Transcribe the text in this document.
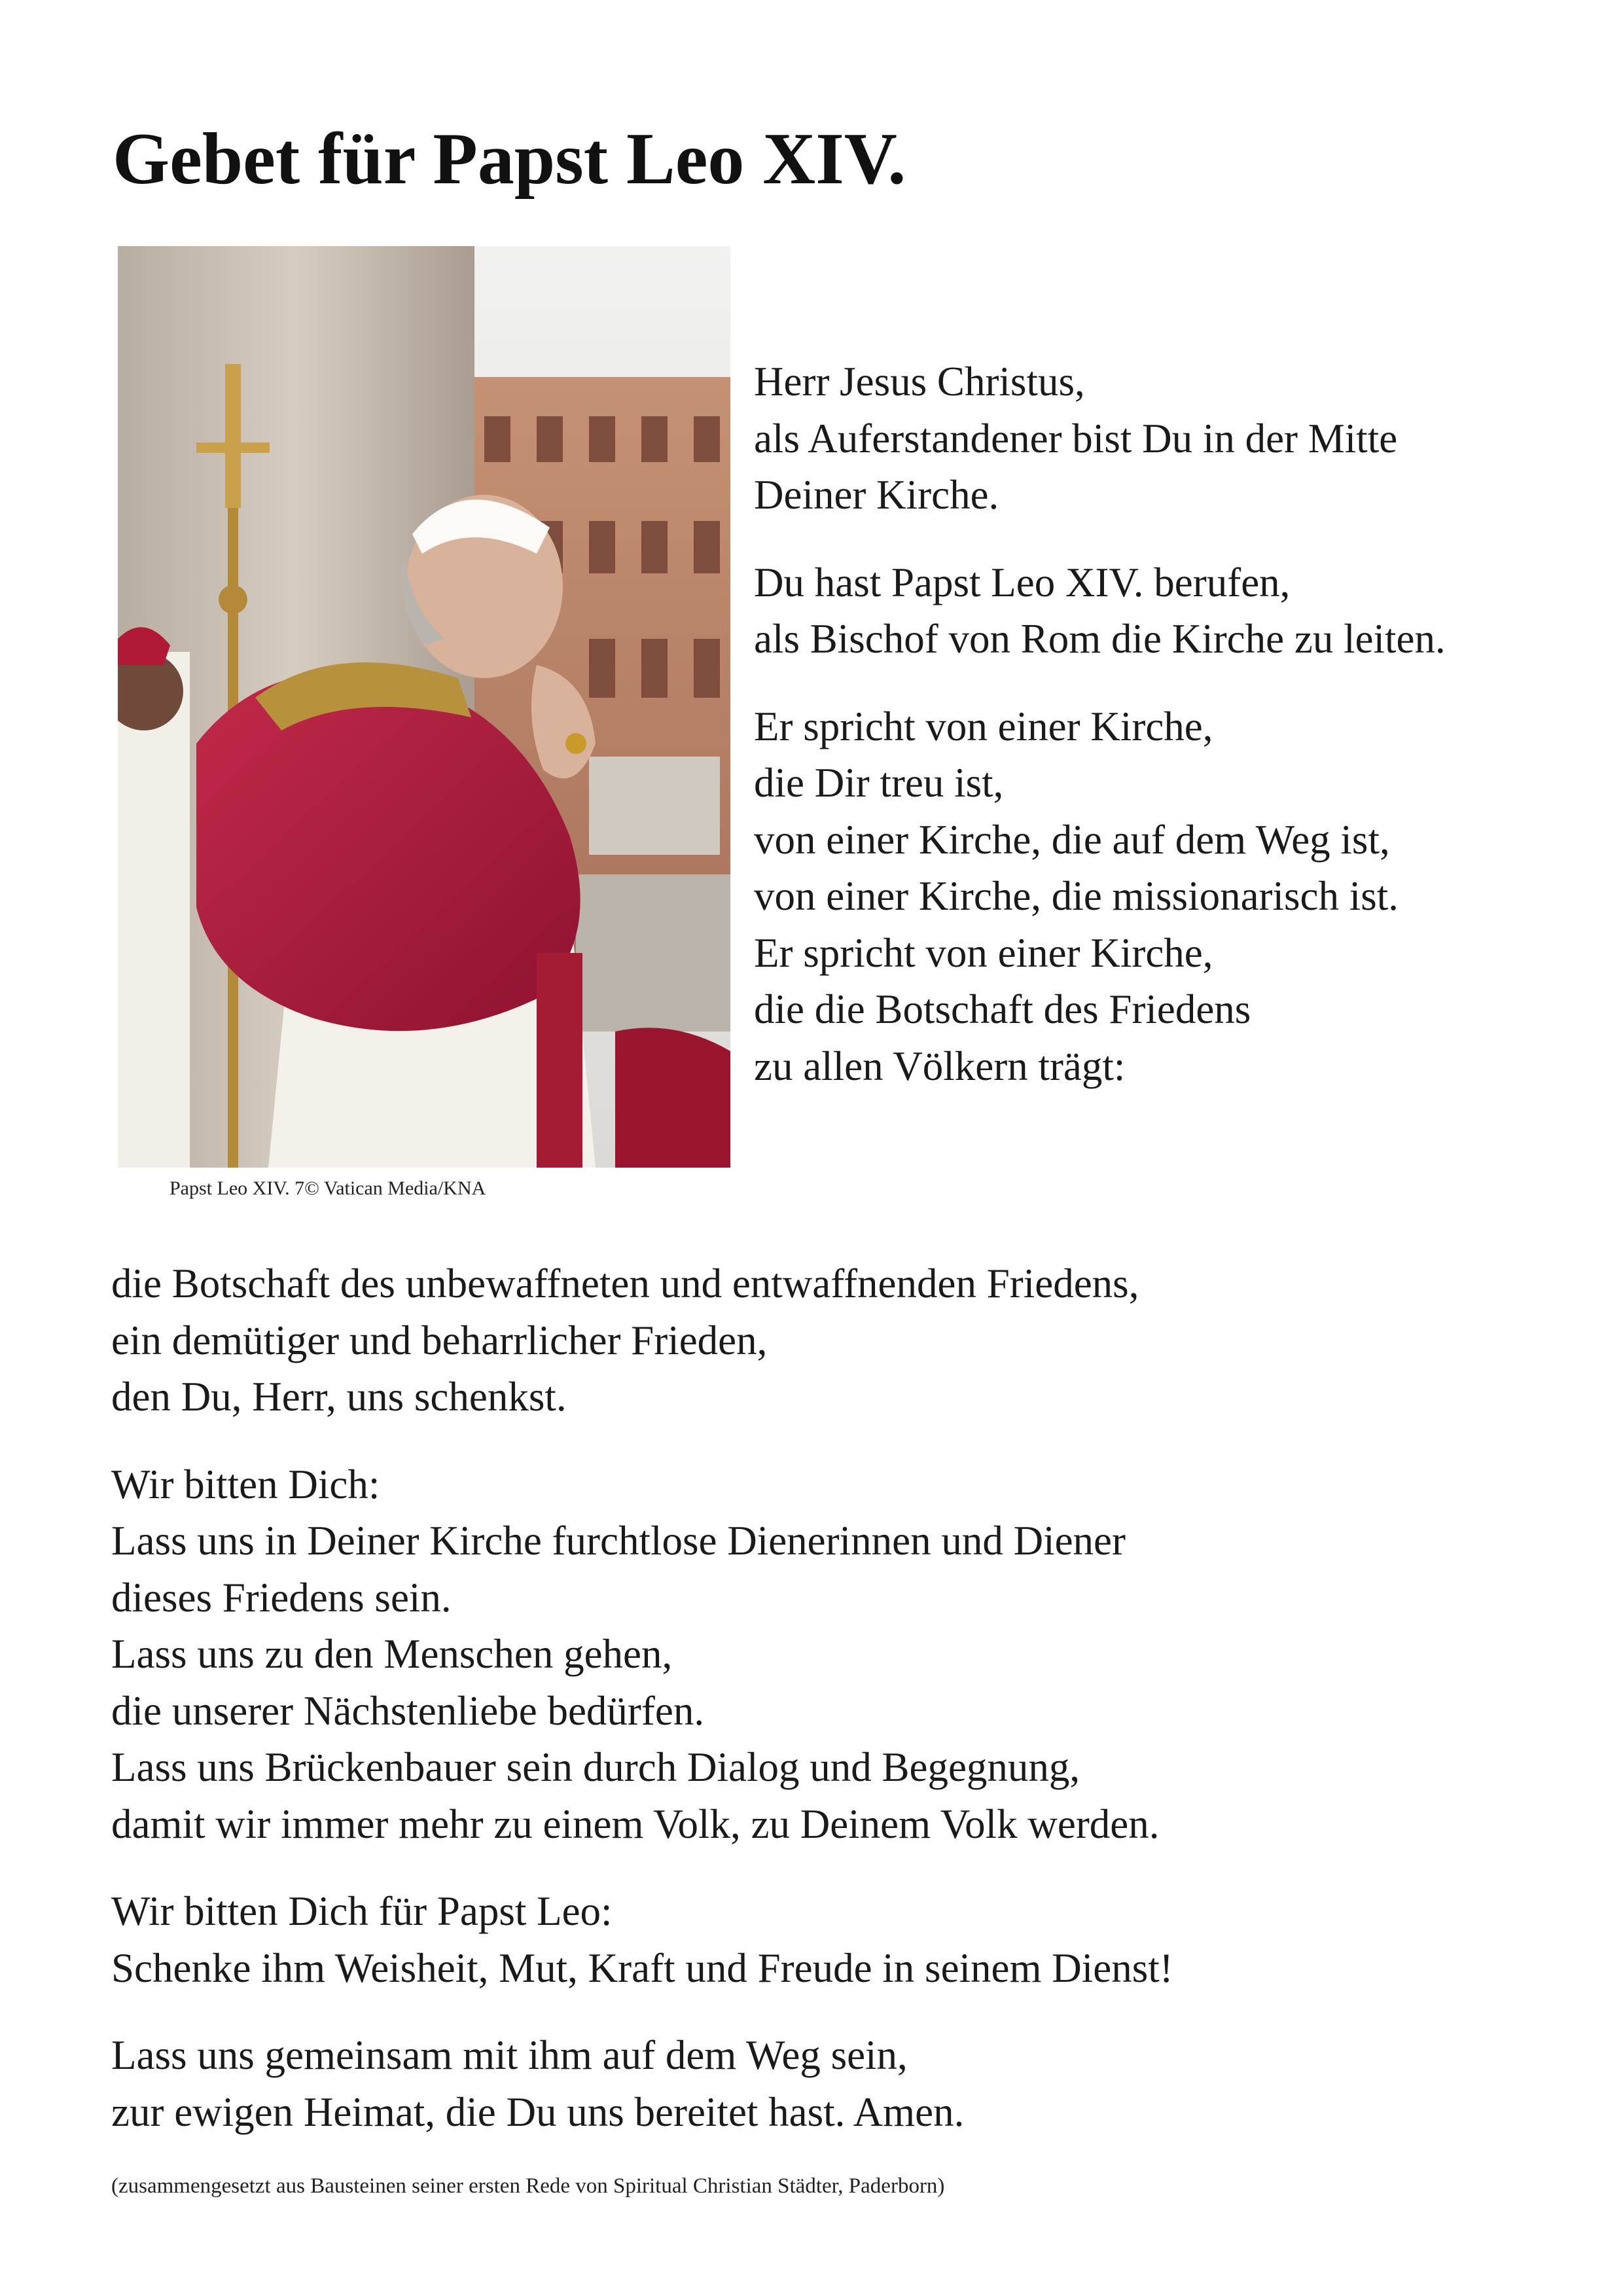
Gebet für Papst Leo XIV.
Papst Leo XIV. 7© Vatican Media/KNA

Herr Jesus Christus,
als Auferstandener bist Du in der Mitte
Deiner Kirche.

Du hast Papst Leo XIV. berufen,
als Bischof von Rom die Kirche zu leiten.

Er spricht von einer Kirche,
die Dir treu ist,
von einer Kirche, die auf dem Weg ist,
von einer Kirche, die missionarisch ist.
Er spricht von einer Kirche,
die die Botschaft des Friedens
zu allen Völkern trägt:

die Botschaft des unbewaffneten und entwaffnenden Friedens,
ein demütiger und beharrlicher Frieden,
den Du, Herr, uns schenkst.

Wir bitten Dich:
Lass uns in Deiner Kirche furchtlose Dienerinnen und Diener
dieses Friedens sein.
Lass uns zu den Menschen gehen,
die unserer Nächstenliebe bedürfen.
Lass uns Brückenbauer sein durch Dialog und Begegnung,
damit wir immer mehr zu einem Volk, zu Deinem Volk werden.

Wir bitten Dich für Papst Leo:
Schenke ihm Weisheit, Mut, Kraft und Freude in seinem Dienst!

Lass uns gemeinsam mit ihm auf dem Weg sein,
zur ewigen Heimat, die Du uns bereitet hast. Amen.

(zusammengesetzt aus Bausteinen seiner ersten Rede von Spiritual Christian Städter, Paderborn)
